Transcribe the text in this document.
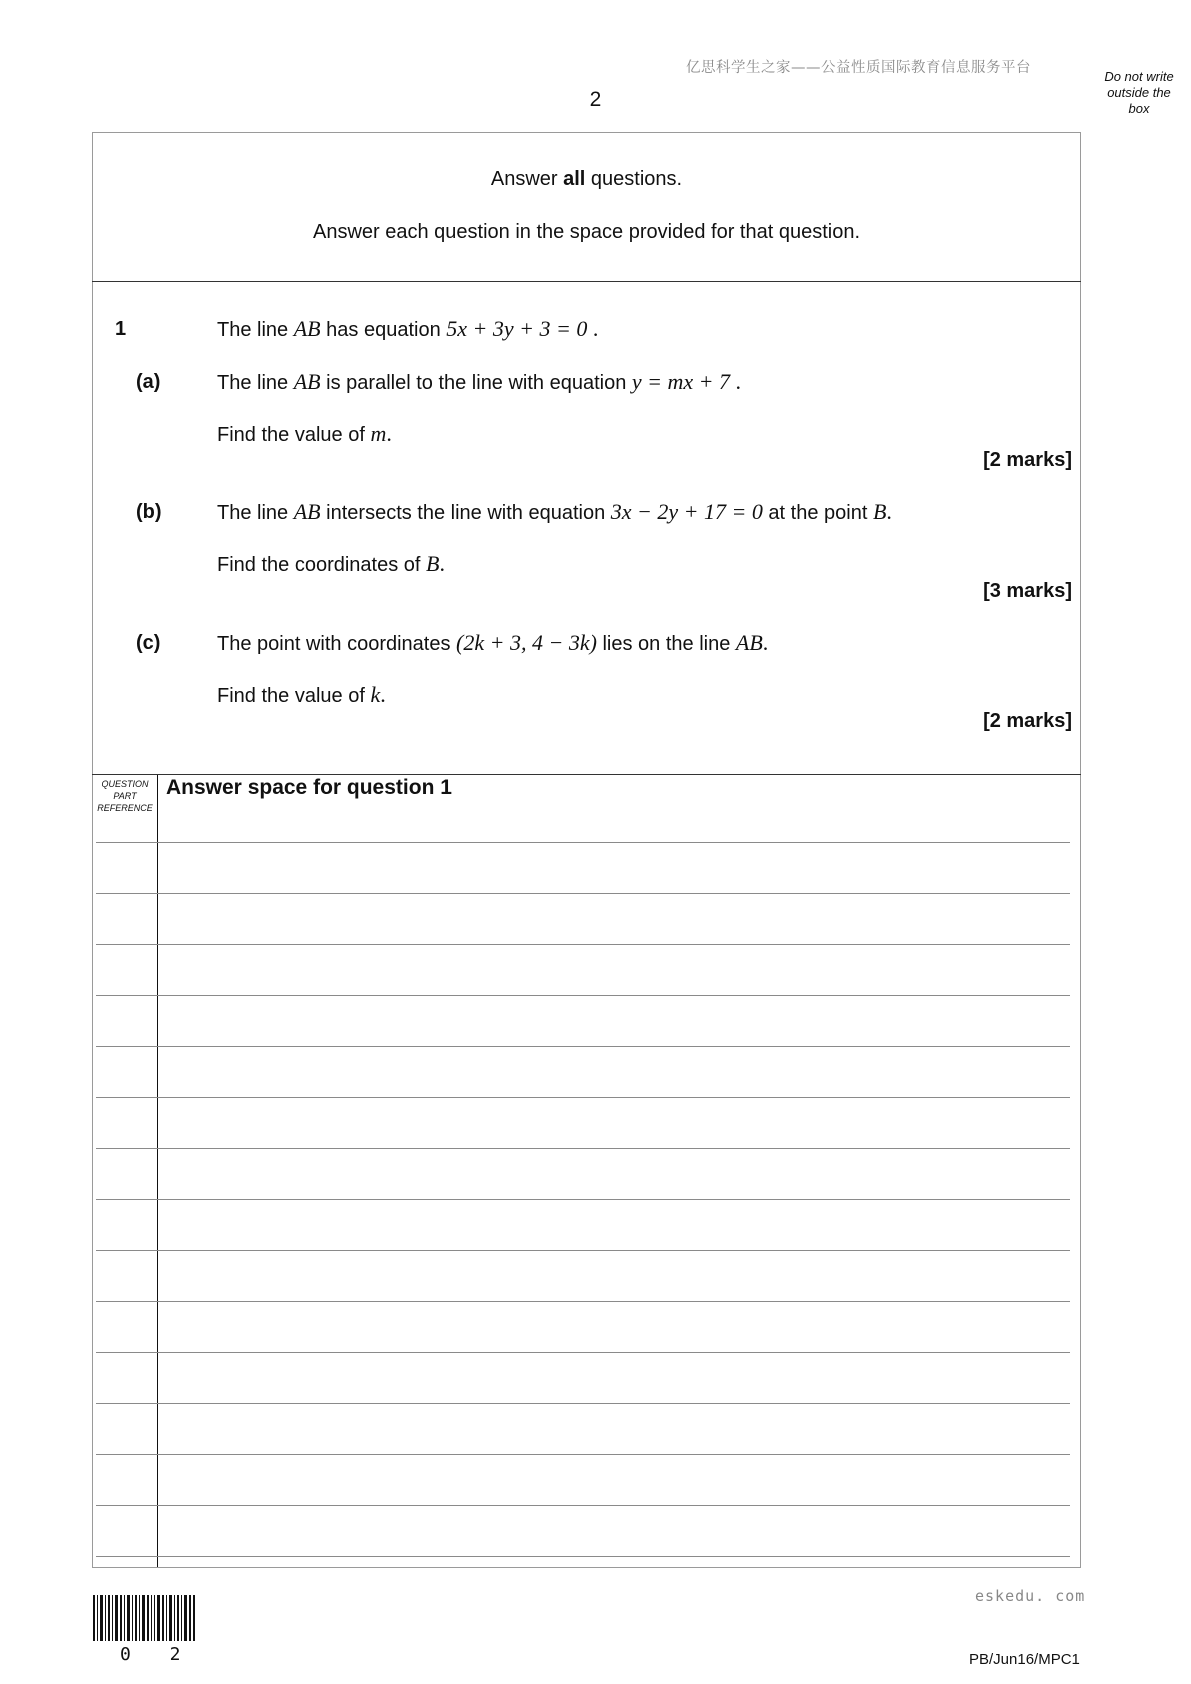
亿思科学生之家——公益性质国际教育信息服务平台
2
Do not write
outside the
box
Answer all questions.
Answer each question in the space provided for that question.
1	The line AB has equation 5x + 3y + 3 = 0 .
(a)	The line AB is parallel to the line with equation y = mx + 7 .
Find the value of m.
[2 marks]
(b)	The line AB intersects the line with equation 3x − 2y + 17 = 0 at the point B.
Find the coordinates of B.
[3 marks]
(c)	The point with coordinates (2k + 3, 4 − 3k) lies on the line AB.
Find the value of k.
[2 marks]
QUESTION
PART
REFERENCE
Answer space for question 1
eskedu. com
0 2	PB/Jun16/MPC1
